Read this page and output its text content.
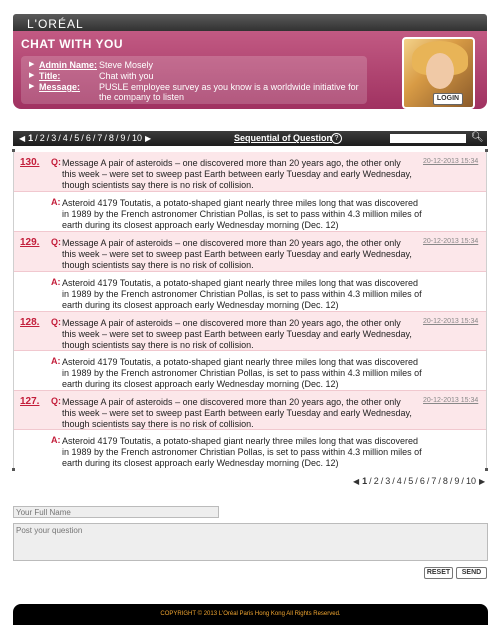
L'ORÉAL
CHAT WITH YOU
▶ Admin Name: Steve Mosely
▶ Title:	Chat with you
▶ Message:	PUSLE employee survey as you know is a worldwide initiative for the company to listen	LOGIN
◀ 1 / 2 / 3 / 4 / 5 / 6 / 7 / 8 / 9 / 10 ▶	Sequential of Question ?	🔍︎
130. Q: Message A pair of asteroids – one discovered more than 20 years ago, the other only this week – were set to sweep past Earth between early Tuesday and early Wednesday, though scientists say there is no risk of collision.
20-12-2013 15:34
A: Asteroid 4179 Toutatis, a potato-shaped giant nearly three miles long that was discovered in 1989 by the French astronomer Christian Pollas, is set to pass within 4.3 million miles of earth during its closest approach early Wednesday morning (Dec. 12)
129. Q: Message A pair of asteroids – one discovered more than 20 years ago, the other only this week – were set to sweep past Earth between early Tuesday and early Wednesday, though scientists say there is no risk of collision.
20-12-2013 15:34
A: Asteroid 4179 Toutatis, a potato-shaped giant nearly three miles long that was discovered in 1989 by the French astronomer Christian Pollas, is set to pass within 4.3 million miles of earth during its closest approach early Wednesday morning (Dec. 12)
128. Q: Message A pair of asteroids – one discovered more than 20 years ago, the other only this week – were set to sweep past Earth between early Tuesday and early Wednesday, though scientists say there is no risk of collision.
20-12-2013 15:34
A: Asteroid 4179 Toutatis, a potato-shaped giant nearly three miles long that was discovered in 1989 by the French astronomer Christian Pollas, is set to pass within 4.3 million miles of earth during its closest approach early Wednesday morning (Dec. 12)
127. Q: Message A pair of asteroids – one discovered more than 20 years ago, the other only this week – were set to sweep past Earth between early Tuesday and early Wednesday, though scientists say there is no risk of collision.
20-12-2013 15:34
A: Asteroid 4179 Toutatis, a potato-shaped giant nearly three miles long that was discovered in 1989 by the French astronomer Christian Pollas, is set to pass within 4.3 million miles of earth during its closest approach early Wednesday morning (Dec. 12)
◀ 1 / 2 / 3 / 4 / 5 / 6 / 7 / 8 / 9 / 10 ▶
Your Full Name
Post your question
RESET	SEND
COPYRIGHT © 2013 L'Oréal Paris Hong Kong All Rights Reserved.
